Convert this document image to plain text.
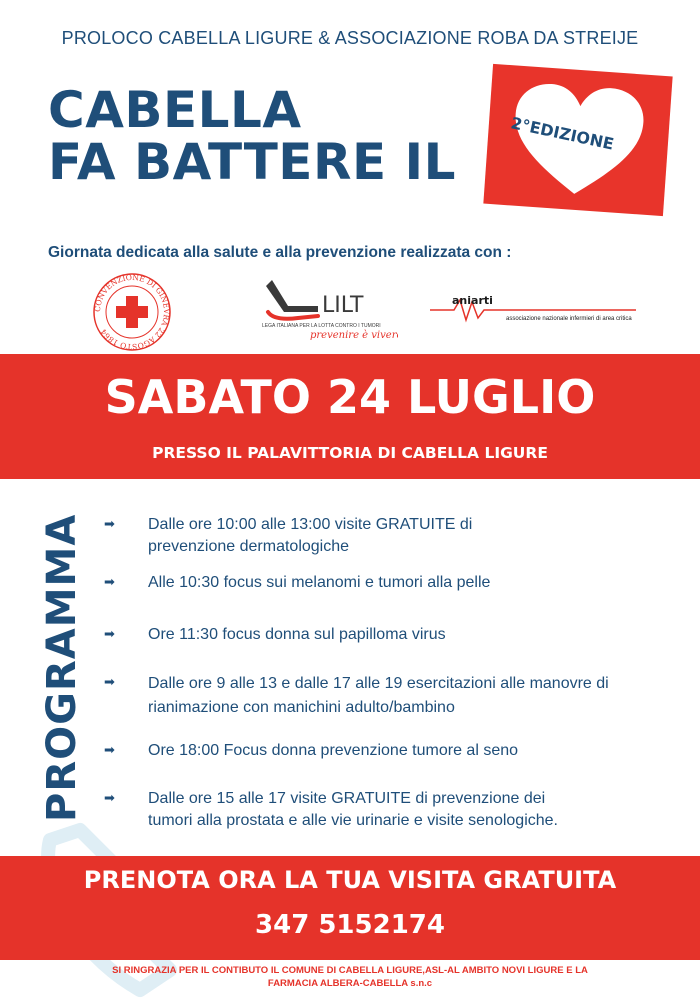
PROLOCO CABELLA LIGURE & ASSOCIAZIONE ROBA DA STREIJE
CABELLA
FA BATTERE IL	2°EDIZIONE
Giornata dedicata alla salute e alla prevenzione realizzata con :
CONVENZIONE DI GINEVRA 22 AGOSTO 1864
LILT
LEGA ITALIANA PER LA LOTTA CONTRO I TUMORI
prevenire è vivere
aniarti
associazione nazionale infermieri di area critica
SABATO 24 LUGLIO
PRESSO IL PALAVITTORIA DI CABELLA LIGURE
PROGRAMMA ➡ Dalle ore 10:00 alle 13:00 visite GRATUITE di prevenzione dermatologiche
➡ Alle 10:30 focus sui melanomi e tumori alla pelle
➡ Ore 11:30 focus donna sul papilloma virus
➡ Dalle ore 9 alle 13 e dalle 17 alle 19 esercitazioni alle manovre di rianimazione con manichini adulto/bambino
➡ Ore 18:00 Focus donna prevenzione tumore al seno
➡ Dalle ore 15 alle 17 visite GRATUITE di prevenzione dei tumori alla prostata e alle vie urinarie e visite senologiche.
PRENOTA ORA LA TUA VISITA GRATUITA
347 5152174
SI RINGRAZIA PER IL CONTIBUTO IL COMUNE DI CABELLA LIGURE,ASL-AL AMBITO NOVI LIGURE E LA
FARMACIA ALBERA-CABELLA s.n.c
